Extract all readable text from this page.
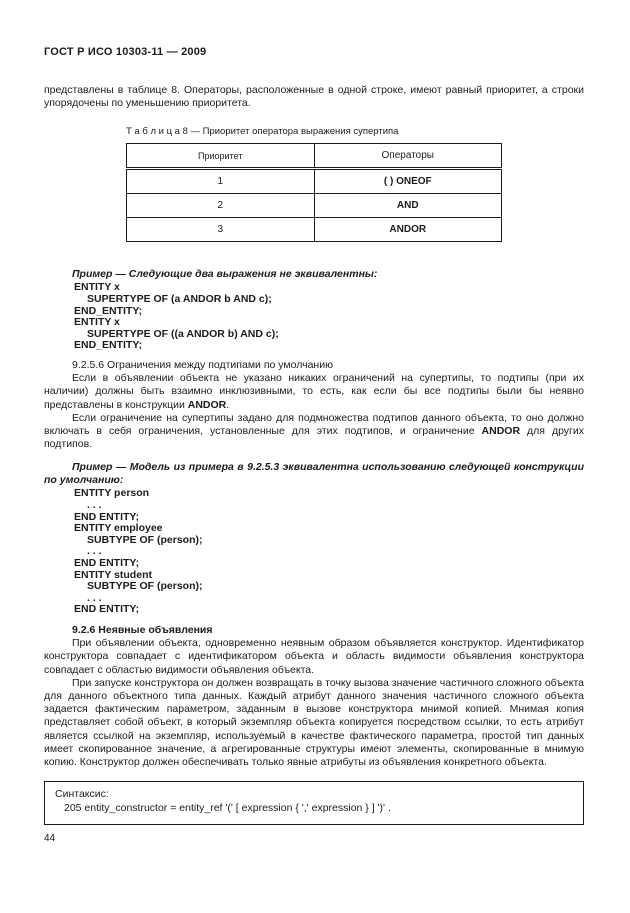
ГОСТ Р ИСО 10303-11 — 2009

представлены в таблице 8. Операторы, расположенные в одной строке, имеют равный приоритет, а строки упорядочены по уменьшению приоритета.

Т а б л и ц а 8 — Приоритет оператора выражения супертипа
Приоритет	Операторы
1	( ) ONEOF
2	AND
3	ANDOR

Пример — Следующие два выражения не эквивалентны:

ENTITY x
SUPERTYPE OF (a ANDOR b AND c);
END_ENTITY;
ENTITY x
SUPERTYPE OF ((a ANDOR b) AND c);
END_ENTITY;

9.2.5.6 Ограничения между подтипами по умолчанию

Если в объявлении объекта не указано никаких ограничений на супертипы, то подтипы (при их наличии) должны быть взаимно инклюзивными, то есть, как если бы все подтипы были бы неявно представлены в конструкции ANDOR.

Если ограничение на супертипы задано для подмножества подтипов данного объекта, то оно должно включать в себя ограничения, установленные для этих подтипов, и ограничение ANDOR для других подтипов.

Пример — Модель из примера в 9.2.5.3 эквивалентна использованию следующей конструкции по умолчанию:

ENTITY person
. . .
END ENTITY;
ENTITY employee
SUBTYPE OF (person);
. . .
END ENTITY;
ENTITY student
SUBTYPE OF (person);
. . .
END ENTITY;

9.2.6 Неявные объявления

При объявлении объекта, одновременно неявным образом объявляется конструктор. Идентификатор конструктора совпадает с идентификатором объекта и область видимости объявления конструктора совпадает с областью видимости объявления объекта.

При запуске конструктора он должен возвращать в точку вызова значение частичного сложного объекта для данного объектного типа данных. Каждый атрибут данного значения частичного сложного объекта задается фактическим параметром, заданным в вызове конструктора мнимой копией. Мнимая копия представляет собой объект, в который экземпляр объекта копируется посредством ссылки, то есть атрибут является ссылкой на экземпляр, используемый в качестве фактического параметра, простой тип данных имеет скопированное значение, а агрегированные структуры имеют элементы, скопированные в мнимую копию. Конструктор должен обеспечивать только явные атрибуты из объявления конкретного объекта.

Синтаксис:
205 entity_constructor = entity_ref '(' [ expression { ',' expression } ] ')' .
44
